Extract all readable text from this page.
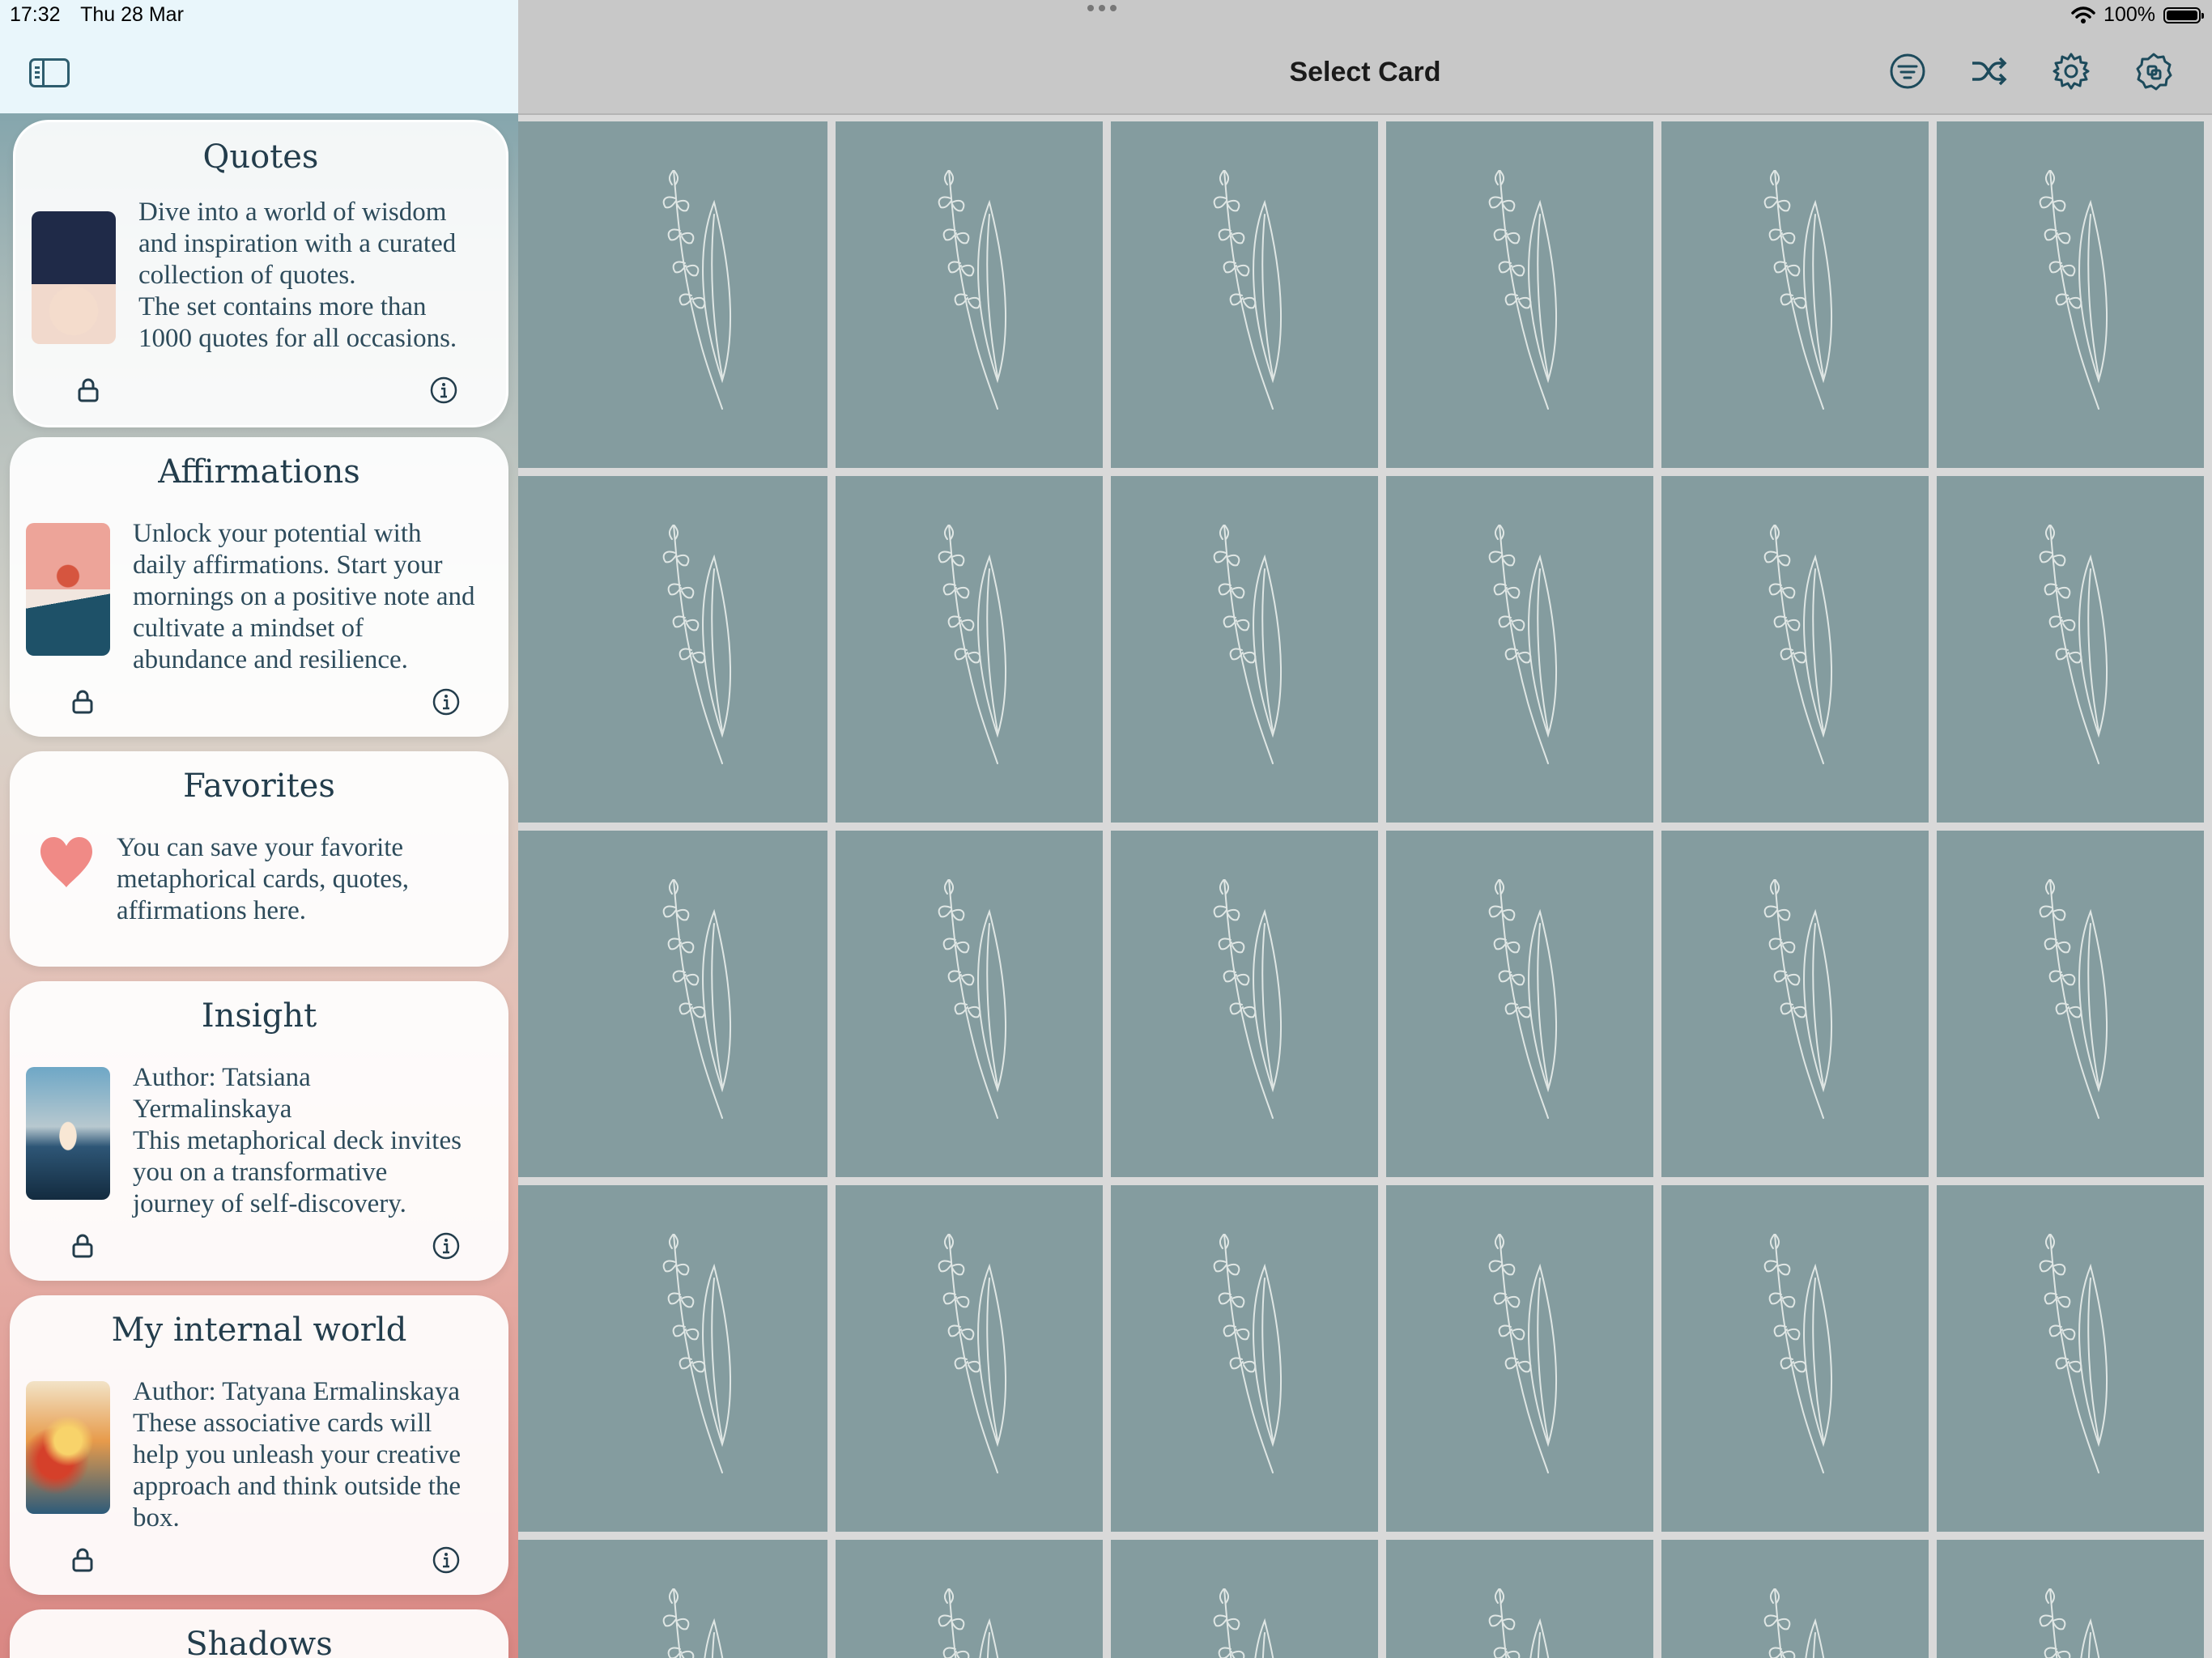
Quotes
Dive into a world of wisdom
and inspiration with a curated
collection of quotes.
The set contains more than
1000 quotes for all occasions.
Affirmations
Unlock your potential with
daily affirmations. Start your
mornings on a positive note and
cultivate a mindset of
abundance and resilience.
Favorites
You can save your favorite
metaphorical cards, quotes,
affirmations here.
Insight
Author: Tatsiana
Yermalinskaya
This metaphorical deck invites
you on a transformative
journey of self-discovery.
My internal world
Author: Tatyana Ermalinskaya
These associative cards will
help you unleash your creative
approach and think outside the
box.
Shadows
Select Card
17:32 Thu 28 Mar	100%
